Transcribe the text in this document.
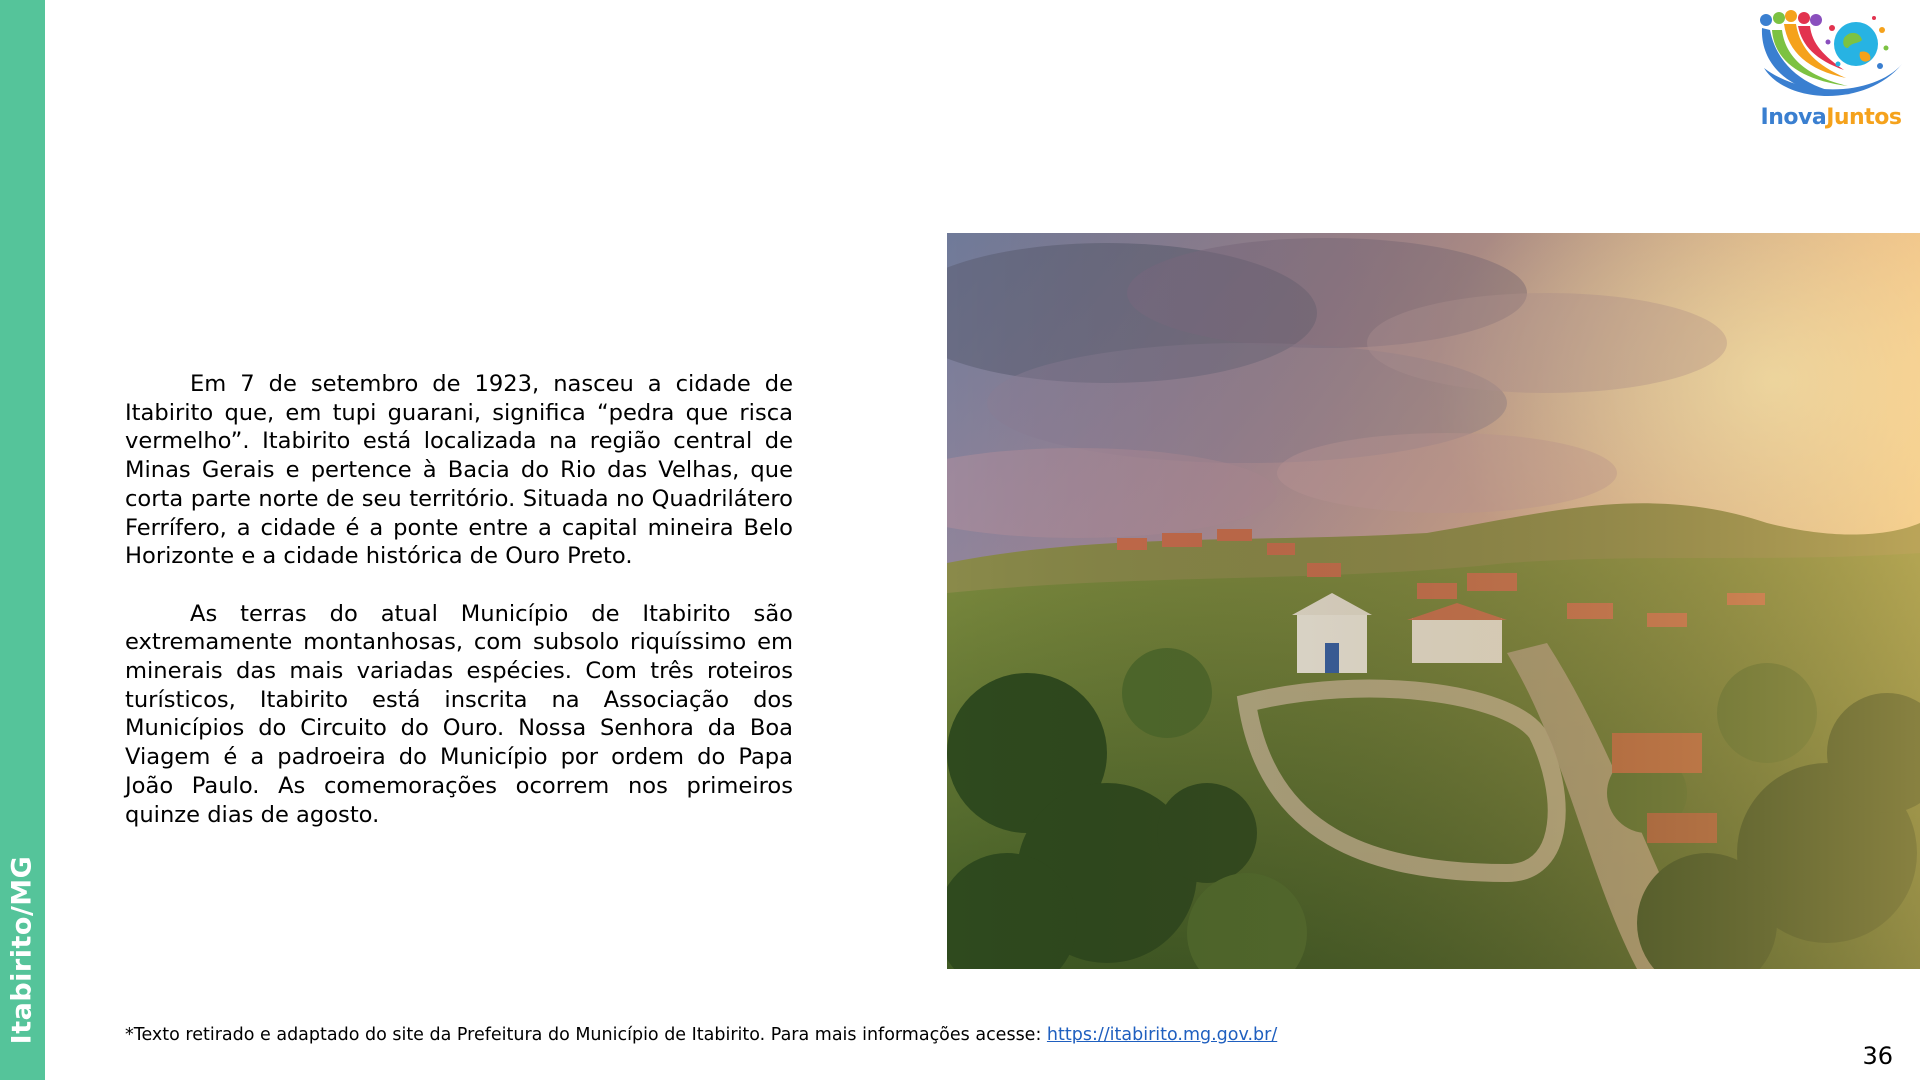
Itabirito/MG
InovaJuntos

Em 7 de setembro de 1923, nasceu a cidade de Itabirito que, em tupi guarani, significa “pedra que risca vermelho”. Itabirito está localizada na região central de Minas Gerais e pertence à Bacia do Rio das Velhas, que corta parte norte de seu território. Situada no Quadrilátero Ferrífero, a cidade é a ponte entre a capital mineira Belo Horizonte e a cidade histórica de Ouro Preto.

As terras do atual Município de Itabirito são extremamente montanhosas, com subsolo riquíssimo em minerais das mais variadas espécies. Com três roteiros turísticos, Itabirito está inscrita na Associação dos Municípios do Circuito do Ouro. Nossa Senhora da Boa Viagem é a padroeira do Município por ordem do Papa João Paulo. As comemorações ocorrem nos primeiros quinze dias de agosto.

*Texto retirado e adaptado do site da Prefeitura do Município de Itabirito. Para mais informações acesse: https://itabirito.mg.gov.br/
36
